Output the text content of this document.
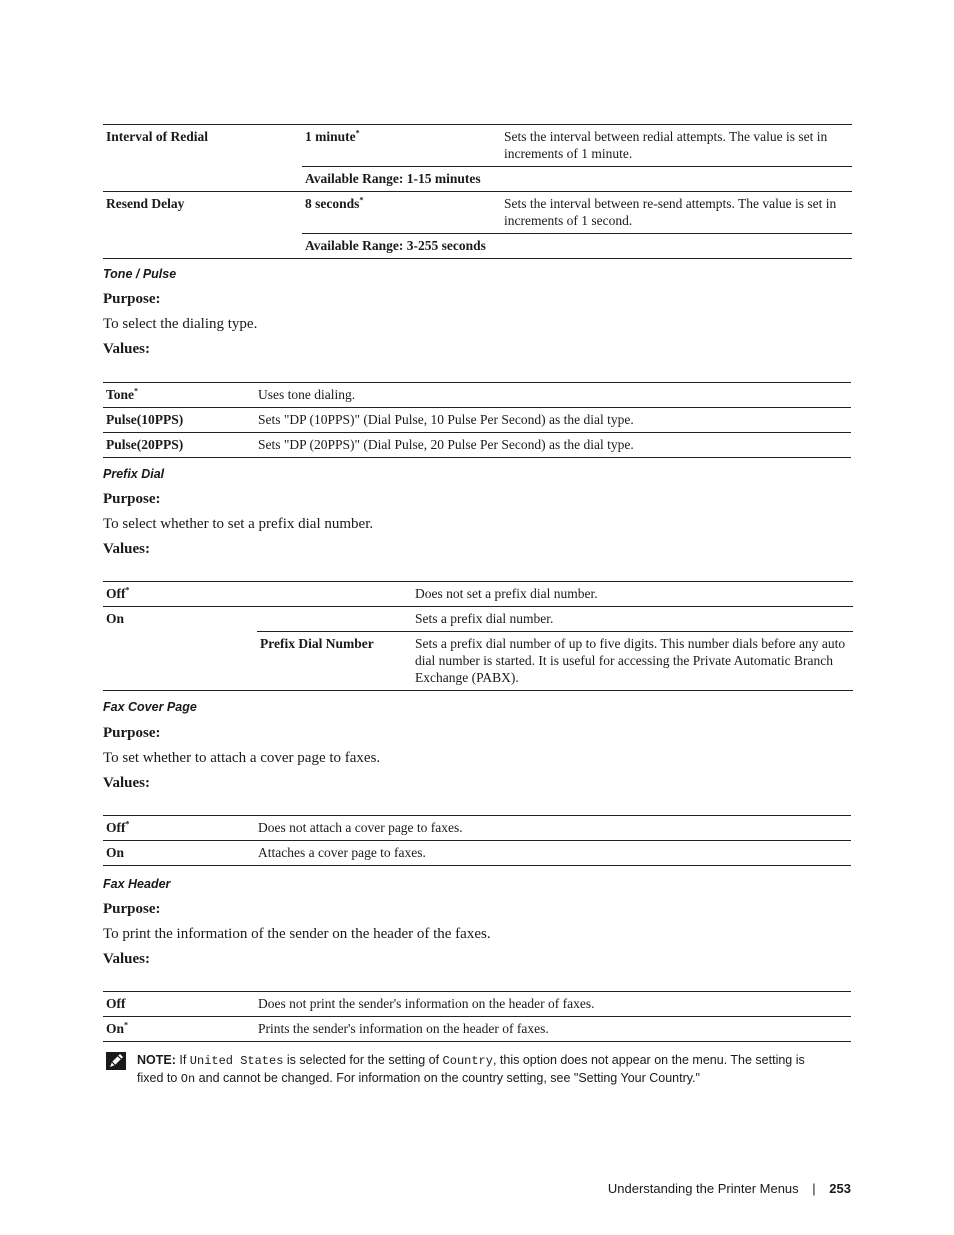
Interval of Redial	1 minute*	Sets the interval between redial attempts. The value is set in increments of 1 minute.
	Available Range: 1-15 minutes	
Resend Delay	8 seconds*	Sets the interval between re-send attempts. The value is set in increments of 1 second.
	Available Range: 3-255 seconds	
Tone / Pulse
Purpose:
To select the dialing type.
Values:
Tone*	Uses tone dialing.
Pulse(10PPS)	Sets "DP (10PPS)" (Dial Pulse, 10 Pulse Per Second) as the dial type.
Pulse(20PPS)	Sets "DP (20PPS)" (Dial Pulse, 20 Pulse Per Second) as the dial type.
Prefix Dial
Purpose:
To select whether to set a prefix dial number.
Values:
Off*		Does not set a prefix dial number.
On		Sets a prefix dial number.
	Prefix Dial Number	Sets a prefix dial number of up to five digits. This number dials before any auto dial number is started. It is useful for accessing the Private Automatic Branch Exchange (PABX).
Fax Cover Page
Purpose:
To set whether to attach a cover page to faxes.
Values:
Off*	Does not attach a cover page to faxes.
On	Attaches a cover page to faxes.
Fax Header
Purpose:
To print the information of the sender on the header of the faxes.
Values:
Off	Does not print the sender's information on the header of faxes.
On*	Prints the sender's information on the header of faxes.
NOTE: If United States is selected for the setting of Country, this option does not appear on the menu. The setting is
fixed to On and cannot be changed. For information on the country setting, see "Setting Your Country."
Understanding the Printer Menus | 253
